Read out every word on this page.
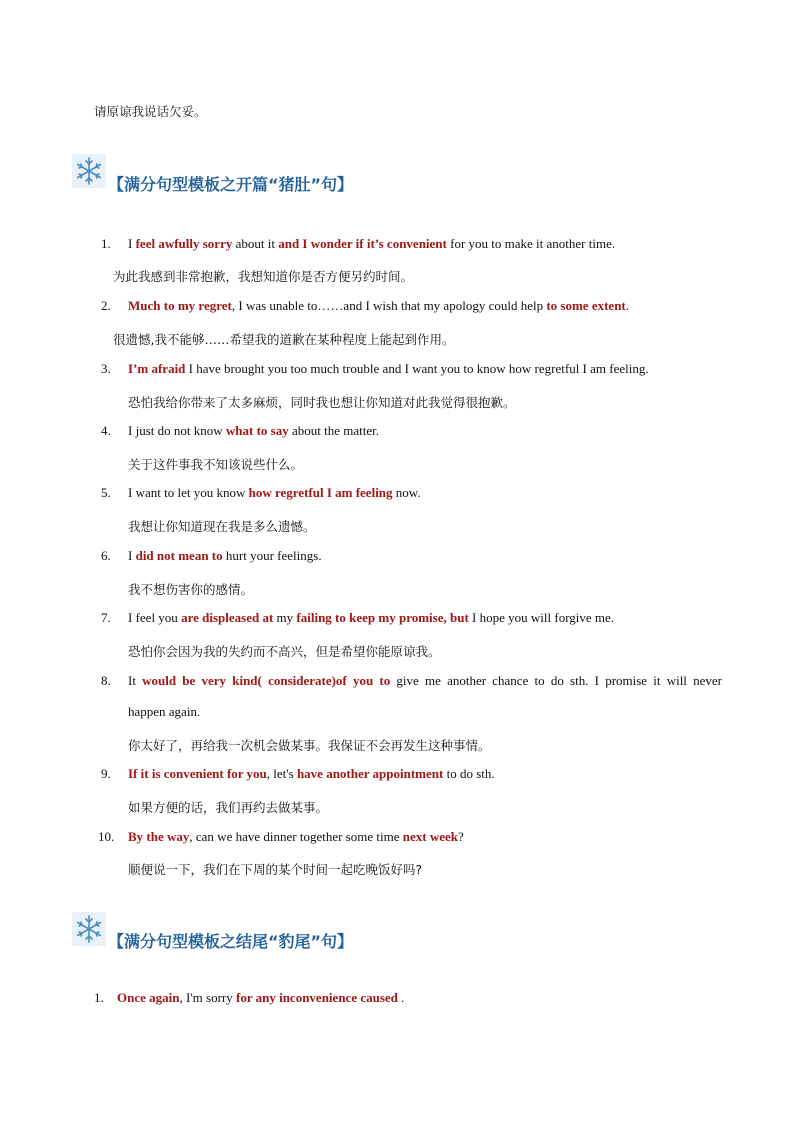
请原谅我说话欠妥。
【满分句型模板之开篇“猪肚”句】
1. I feel awfully sorry about it and I wonder if it’s convenient for you to make it another time.
为此我感到非常抱歉，我想知道你是否方便另约时间。
2. Much to my regret, I was unable to……and I wish that my apology could help to some extent.
很遗憾,我不能够……希望我的道歉在某种程度上能起到作用。
3. I’m afraid I have brought you too much trouble and I want you to know how regretful I am feeling.
恐怕我给你带来了太多麻烦，同时我也想让你知道对此我觉得很抱歉。
4. I just do not know what to say about the matter.
关于这件事我不知该说些什么。
5. I want to let you know how regretful I am feeling now.
我想让你知道现在我是多么遗憾。
6. I did not mean to hurt your feelings.
我不想伤害你的感情。
7. I feel you are displeased at my failing to keep my promise, but I hope you will forgive me.
恐怕你会因为我的失约而不高兴，但是希望你能原谅我。
8. It would be very kind( considerate)of you to give me another chance to do sth. I promise it will never
happen again.
你太好了，再给我一次机会做某事。我保证不会再发生这种事情。
9. If it is convenient for you, let's have another appointment to do sth.
如果方便的话，我们再约去做某事。
10. By the way, can we have dinner together some time next week?
顺便说一下，我们在下周的某个时间一起吃晚饭好吗?
【满分句型模板之结尾“豹尾”句】
1. Once again, I'm sorry for any inconvenience caused .
